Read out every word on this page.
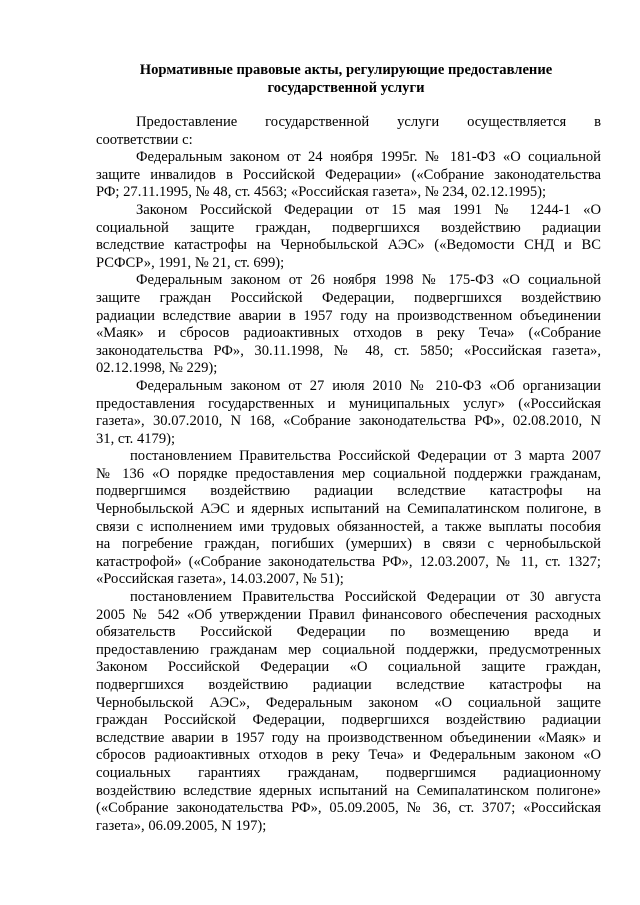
Нормативные правовые акты, регулирующие предоставление
государственной услуги
Предоставление государственной услуги осуществляется в
соответствии с:
Федеральным законом от 24 ноября 1995г. № 181-ФЗ «О социальной
защите инвалидов в Российской Федерации» («Собрание законодательства
РФ; 27.11.1995, № 48, ст. 4563; «Российская газета», № 234, 02.12.1995);
Законом Российской Федерации от 15 мая 1991 № 1244-1 «О
социальной защите граждан, подвергшихся воздействию радиации
вследствие катастрофы на Чернобыльской АЭС» («Ведомости СНД и ВС
РСФСР», 1991, № 21, ст. 699);
Федеральным законом от 26 ноября 1998 № 175-ФЗ «О социальной
защите граждан Российской Федерации, подвергшихся воздействию
радиации вследствие аварии в 1957 году на производственном объединении
«Маяк» и сбросов радиоактивных отходов в реку Теча» («Собрание
законодательства РФ», 30.11.1998, № 48, ст. 5850; «Российская газета»,
02.12.1998, № 229);
Федеральным законом от 27 июля 2010 № 210-ФЗ «Об организации
предоставления государственных и муниципальных услуг» («Российская
газета», 30.07.2010, N 168, «Собрание законодательства РФ», 02.08.2010, N
31, ст. 4179);
постановлением Правительства Российской Федерации от 3 марта 2007
№ 136 «О порядке предоставления мер социальной поддержки гражданам,
подвергшимся воздействию радиации вследствие катастрофы на
Чернобыльской АЭС и ядерных испытаний на Семипалатинском полигоне, в
связи с исполнением ими трудовых обязанностей, а также выплаты пособия
на погребение граждан, погибших (умерших) в связи с чернобыльской
катастрофой» («Собрание законодательства РФ», 12.03.2007, № 11, ст. 1327;
«Российская газета», 14.03.2007, № 51);
постановлением Правительства Российской Федерации от 30 августа
2005 № 542 «Об утверждении Правил финансового обеспечения расходных
обязательств Российской Федерации по возмещению вреда и
предоставлению гражданам мер социальной поддержки, предусмотренных
Законом Российской Федерации «О социальной защите граждан,
подвергшихся воздействию радиации вследствие катастрофы на
Чернобыльской АЭС», Федеральным законом «О социальной защите
граждан Российской Федерации, подвергшихся воздействию радиации
вследствие аварии в 1957 году на производственном объединении «Маяк» и
сбросов радиоактивных отходов в реку Теча» и Федеральным законом «О
социальных гарантиях гражданам, подвергшимся радиационному
воздействию вследствие ядерных испытаний на Семипалатинском полигоне»
(«Собрание законодательства РФ», 05.09.2005, № 36, ст. 3707; «Российская
газета», 06.09.2005, N 197);
